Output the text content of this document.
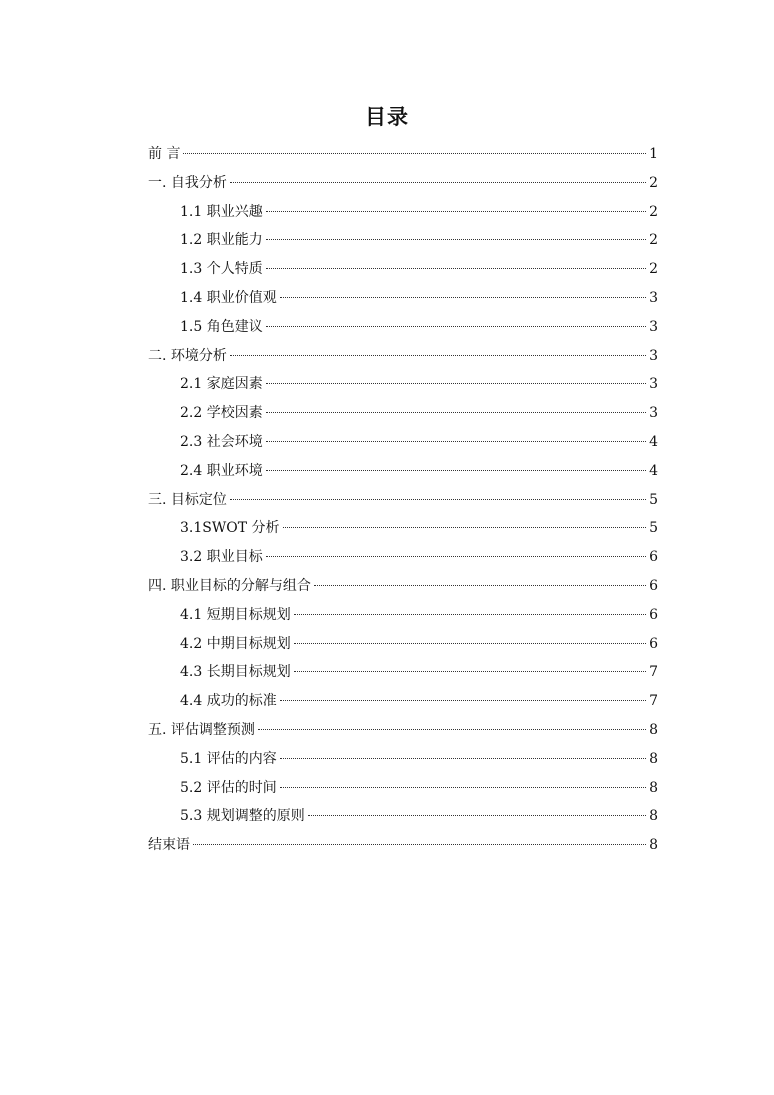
目录
前 言	1
一. 自我分析	2
1.1 职业兴趣	2
1.2 职业能力	2
1.3 个人特质	2
1.4 职业价值观	3
1.5 角色建议	3
二. 环境分析	3
2.1 家庭因素	3
2.2 学校因素	3
2.3 社会环境	4
2.4 职业环境	4
三. 目标定位	5
3.1SWOT 分析	5
3.2 职业目标	6
四. 职业目标的分解与组合	6
4.1 短期目标规划	6
4.2 中期目标规划	6
4.3 长期目标规划	7
4.4 成功的标准	7
五. 评估调整预测	8
5.1 评估的内容	8
5.2 评估的时间	8
5.3 规划调整的原则	8
结束语	8
